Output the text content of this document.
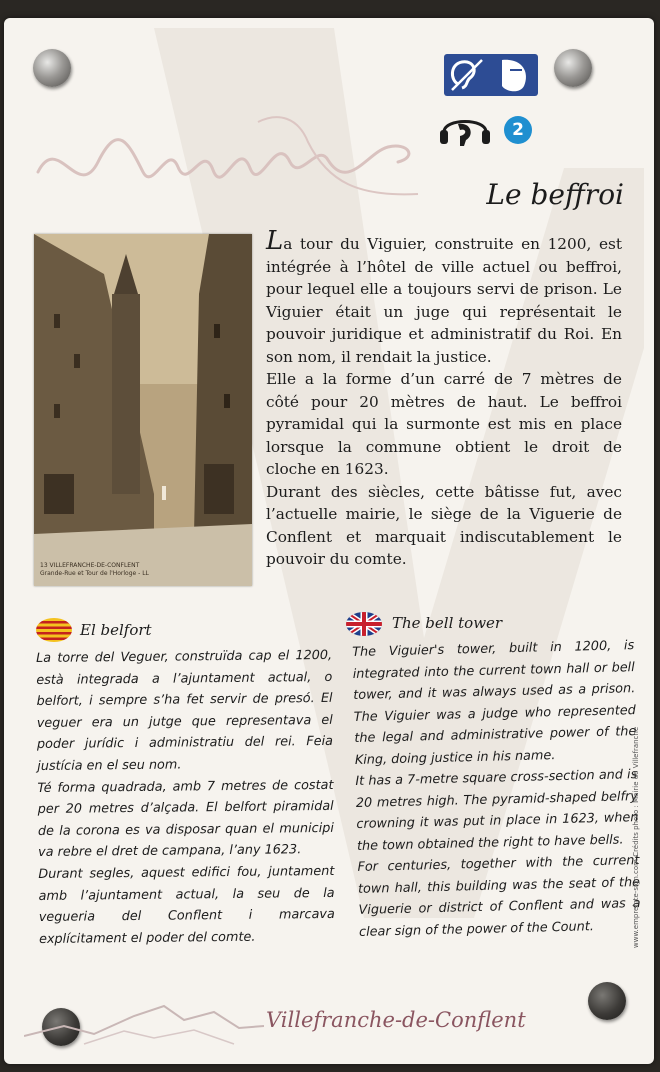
2
Le beffroi
13 VILLEFRANCHE-DE-CONFLENT
Grande-Rue et Tour de l'Horloge - LL

La tour du Viguier, construite en 1200, est intégrée à l’hôtel de ville actuel ou beffroi, pour lequel elle a toujours servi de prison. Le Viguier était un juge qui représentait le pouvoir juridique et administratif du Roi. En son nom, il rendait la justice.

Elle a la forme d’un carré de 7 mètres de côté pour 20 mètres de haut. Le beffroi pyramidal qui la surmonte est mis en place lorsque la commune obtient le droit de cloche en 1623.

Durant des siècles, cette bâtisse fut, avec l’actuelle mairie, le siège de la Viguerie de Conflent et marquait indiscutablement le pouvoir du comte.

El belfort

La torre del Veguer, construïda cap el 1200, està integrada a l’ajuntament actual, o belfort, i sempre s’ha fet servir de presó. El veguer era un jutge que representava el poder jurídic i administratiu del rei. Feia justícia en el seu nom.

Té forma quadrada, amb 7 metres de costat per 20 metres d’alçada. El belfort piramidal de la corona es va disposar quan el municipi va rebre el dret de campana, l’any 1623.

Durant segles, aquest edifici fou, juntament amb l’ajuntament actual, la seu de la vegueria del Conflent i marcava explícitament el poder del comte.

The bell tower

The Viguier's tower, built in 1200, is integrated into the current town hall or bell tower, and it was always used as a prison. The Viguier was a judge who represented the legal and administrative power of the King, doing justice in his name.

It has a 7-metre square cross-section and is 20 metres high. The pyramid-shaped belfry crowning it was put in place in 1623, when the town obtained the right to have bells.

For centuries, together with the current town hall, this building was the seat of the Viguerie or district of Conflent and was a clear sign of the power of the Count.	www.empreinte-sign.com Crédits photo : Mairie de Villefranche
Villefranche-de-Conflent
